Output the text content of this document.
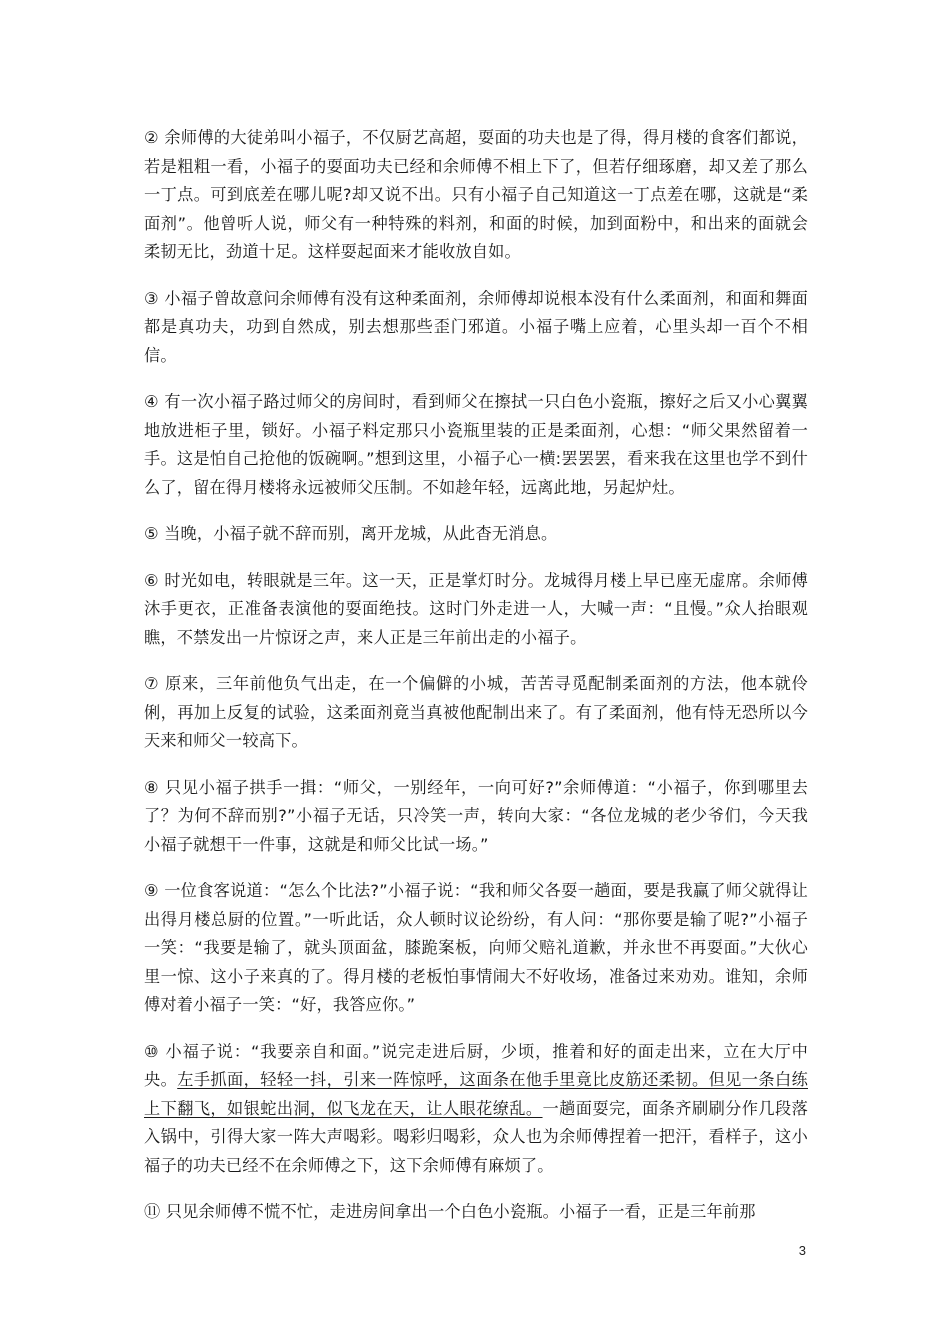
② 余师傅的大徒弟叫小福子，不仅厨艺高超，耍面的功夫也是了得，得月楼的食客们都说，若是粗粗一看，小福子的耍面功夫已经和余师傅不相上下了，但若仔细琢磨，却又差了那么一丁点。可到底差在哪儿呢?却又说不出。只有小福子自己知道这一丁点差在哪，这就是“柔面剂”。他曾听人说，师父有一种特殊的料剂，和面的时候，加到面粉中，和出来的面就会柔韧无比，劲道十足。这样耍起面来才能收放自如。

③ 小福子曾故意问余师傅有没有这种柔面剂，余师傅却说根本没有什么柔面剂，和面和舞面都是真功夫，功到自然成，别去想那些歪门邪道。小福子嘴上应着，心里头却一百个不相信。

④ 有一次小福子路过师父的房间时，看到师父在擦拭一只白色小瓷瓶，擦好之后又小心翼翼地放进柜子里，锁好。小福子料定那只小瓷瓶里装的正是柔面剂，心想：“师父果然留着一手。这是怕自己抢他的饭碗啊。”想到这里，小福子心一横:罢罢罢，看来我在这里也学不到什么了，留在得月楼将永远被师父压制。不如趁年轻，远离此地，另起炉灶。

⑤ 当晚，小福子就不辞而别，离开龙城，从此杳无消息。

⑥ 时光如电，转眼就是三年。这一天，正是掌灯时分。龙城得月楼上早已座无虚席。余师傅沐手更衣，正准备表演他的耍面绝技。这时门外走进一人，大喊一声：“且慢。”众人抬眼观瞧，不禁发出一片惊讶之声，来人正是三年前出走的小福子。

⑦ 原来，三年前他负气出走，在一个偏僻的小城，苦苦寻觅配制柔面剂的方法，他本就伶俐，再加上反复的试验，这柔面剂竟当真被他配制出来了。有了柔面剂，他有恃无恐所以今天来和师父一较高下。

⑧ 只见小福子拱手一揖：“师父，一别经年，一向可好?”余师傅道：“小福子，你到哪里去了？为何不辞而别?”小福子无话，只冷笑一声，转向大家：“各位龙城的老少爷们，今天我小福子就想干一件事，这就是和师父比试一场。”

⑨ 一位食客说道：“怎么个比法?”小福子说：“我和师父各耍一趟面，要是我赢了师父就得让出得月楼总厨的位置。”一听此话，众人顿时议论纷纷，有人问：“那你要是输了呢?”小福子一笑：“我要是输了，就头顶面盆，膝跪案板，向师父赔礼道歉，并永世不再耍面。”大伙心里一惊、这小子来真的了。得月楼的老板怕事情闹大不好收场，准备过来劝劝。谁知，余师傅对着小福子一笑：“好，我答应你。”

⑩ 小福子说：“我要亲自和面。”说完走进后厨，少顷，推着和好的面走出来，立在大厅中央。左手抓面，轻轻一抖，引来一阵惊呼，这面条在他手里竟比皮筋还柔韧。但见一条白练上下翻飞，如银蛇出洞，似飞龙在天，让人眼花缭乱。一趟面耍完，面条齐刷刷分作几段落入锅中，引得大家一阵大声喝彩。喝彩归喝彩，众人也为余师傅捏着一把汗，看样子，这小福子的功夫已经不在余师傅之下，这下余师傅有麻烦了。

⑪ 只见余师傅不慌不忙，走进房间拿出一个白色小瓷瓶。小福子一看，正是三年前那

3
